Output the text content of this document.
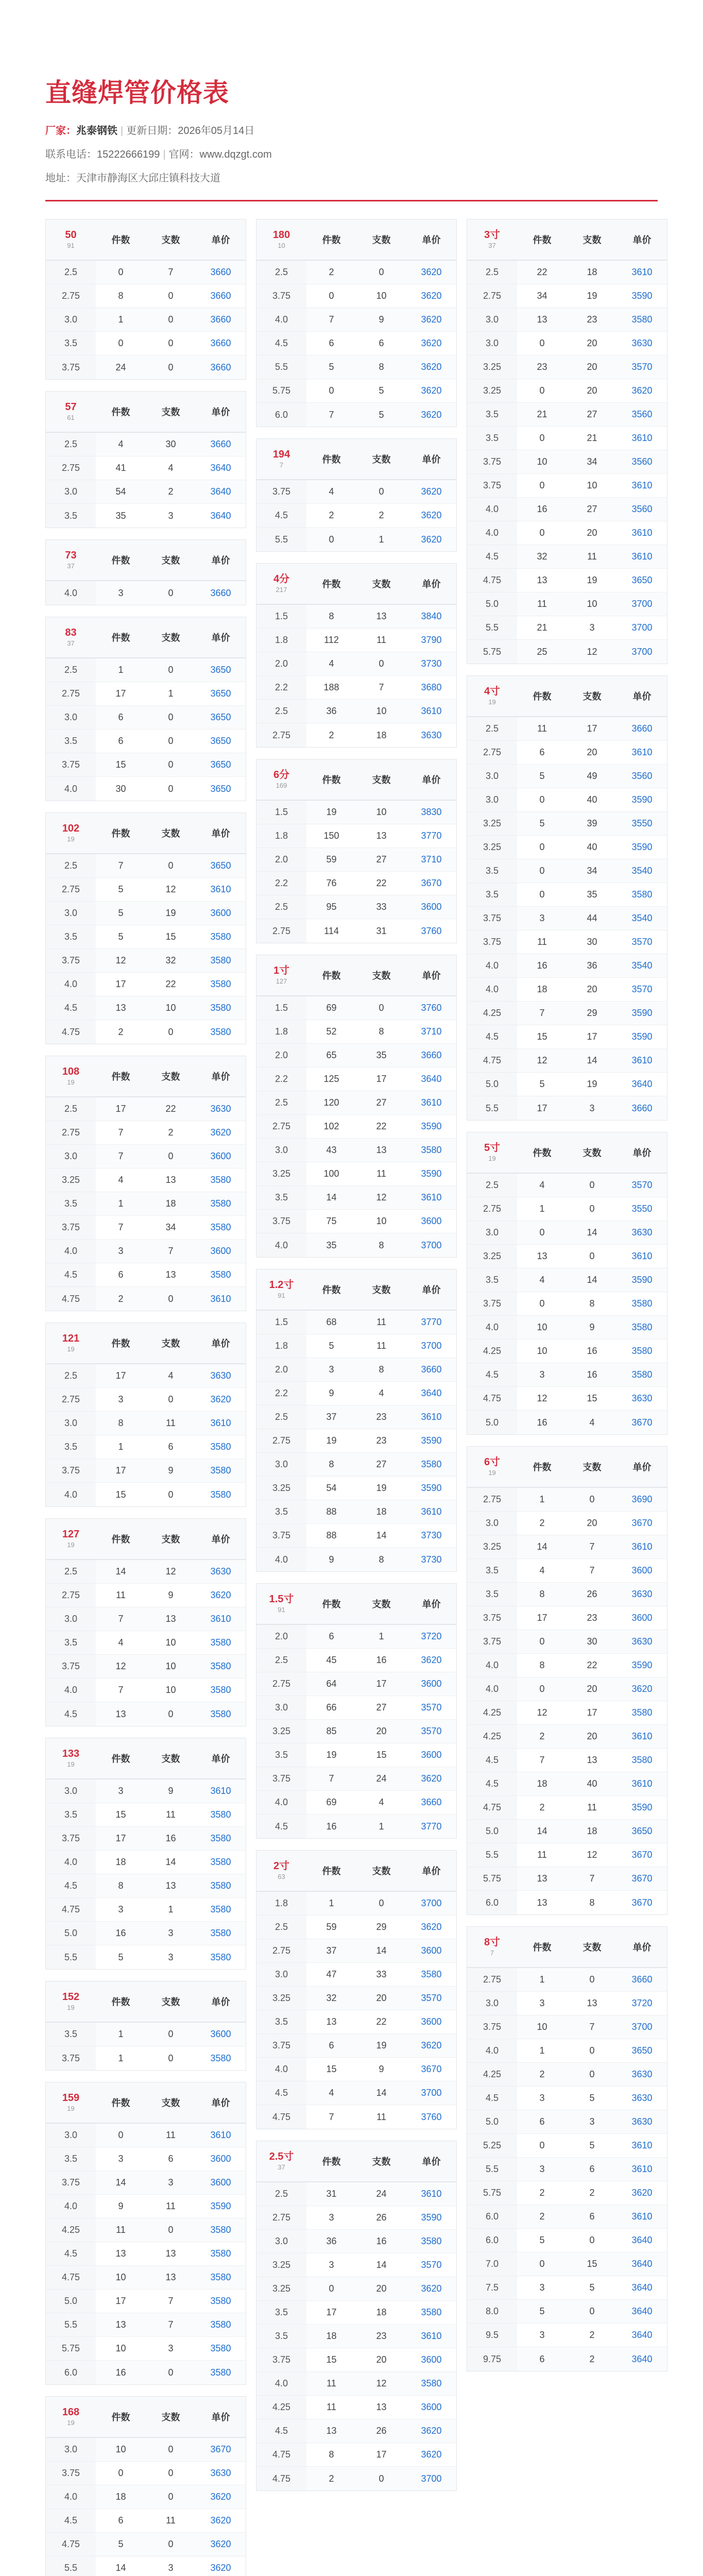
直缝焊管价格表
厂家：兆泰钢铁 | 更新日期：2026年05月14日
联系电话：15222666199 | 官网：www.dqzgt.com
地址：天津市静海区大邱庄镇科技大道
50
91
件数	支数	单价
2.5	0	7	3660
2.75	8	0	3660
3.0	1	0	3660
3.5	0	0	3660
3.75	24	0	3660
57
61
件数	支数	单价
2.5	4	30	3660
2.75	41	4	3640
3.0	54	2	3640
3.5	35	3	3640
73
37
件数	支数	单价
4.0	3	0	3660
83
37
件数	支数	单价
2.5	1	0	3650
2.75	17	1	3650
3.0	6	0	3650
3.5	6	0	3650
3.75	15	0	3650
4.0	30	0	3650
102
19
件数	支数	单价
2.5	7	0	3650
2.75	5	12	3610
3.0	5	19	3600
3.5	5	15	3580
3.75	12	32	3580
4.0	17	22	3580
4.5	13	10	3580
4.75	2	0	3580
108
19
件数	支数	单价
2.5	17	22	3630
2.75	7	2	3620
3.0	7	0	3600
3.25	4	13	3580
3.5	1	18	3580
3.75	7	34	3580
4.0	3	7	3600
4.5	6	13	3580
4.75	2	0	3610
121
19
件数	支数	单价
2.5	17	4	3630
2.75	3	0	3620
3.0	8	11	3610
3.5	1	6	3580
3.75	17	9	3580
4.0	15	0	3580
127
19
件数	支数	单价
2.5	14	12	3630
2.75	11	9	3620
3.0	7	13	3610
3.5	4	10	3580
3.75	12	10	3580
4.0	7	10	3580
4.5	13	0	3580
133
19
件数	支数	单价
3.0	3	9	3610
3.5	15	11	3580
3.75	17	16	3580
4.0	18	14	3580
4.5	8	13	3580
4.75	3	1	3580
5.0	16	3	3580
5.5	5	3	3580
152
19
件数	支数	单价
3.5	1	0	3600
3.75	1	0	3580
159
19
件数	支数	单价
3.0	0	11	3610
3.5	3	6	3600
3.75	14	3	3600
4.0	9	11	3590
4.25	11	0	3580
4.5	13	13	3580
4.75	10	13	3580
5.0	17	7	3580
5.5	13	7	3580
5.75	10	3	3580
6.0	16	0	3580
168
19
件数	支数	单价
3.0	10	0	3670
3.75	0	0	3630
4.0	18	0	3620
4.5	6	11	3620
4.75	5	0	3620
5.5	14	3	3620
180
10
件数	支数	单价
2.5	2	0	3620
3.75	0	10	3620
4.0	7	9	3620
4.5	6	6	3620
5.5	5	8	3620
5.75	0	5	3620
6.0	7	5	3620
194
7
件数	支数	单价
3.75	4	0	3620
4.5	2	2	3620
5.5	0	1	3620
4分
217
件数	支数	单价
1.5	8	13	3840
1.8	112	11	3790
2.0	4	0	3730
2.2	188	7	3680
2.5	36	10	3610
2.75	2	18	3630
6分
169
件数	支数	单价
1.5	19	10	3830
1.8	150	13	3770
2.0	59	27	3710
2.2	76	22	3670
2.5	95	33	3600
2.75	114	31	3760
1寸
127
件数	支数	单价
1.5	69	0	3760
1.8	52	8	3710
2.0	65	35	3660
2.2	125	17	3640
2.5	120	27	3610
2.75	102	22	3590
3.0	43	13	3580
3.25	100	11	3590
3.5	14	12	3610
3.75	75	10	3600
4.0	35	8	3700
1.2寸
91
件数	支数	单价
1.5	68	11	3770
1.8	5	11	3700
2.0	3	8	3660
2.2	9	4	3640
2.5	37	23	3610
2.75	19	23	3590
3.0	8	27	3580
3.25	54	19	3590
3.5	88	18	3610
3.75	88	14	3730
4.0	9	8	3730
1.5寸
91
件数	支数	单价
2.0	6	1	3720
2.5	45	16	3620
2.75	64	17	3600
3.0	66	27	3570
3.25	85	20	3570
3.5	19	15	3600
3.75	7	24	3620
4.0	69	4	3660
4.5	16	1	3770
2寸
63
件数	支数	单价
1.8	1	0	3700
2.5	59	29	3620
2.75	37	14	3600
3.0	47	33	3580
3.25	32	20	3570
3.5	13	22	3600
3.75	6	19	3620
4.0	15	9	3670
4.5	4	14	3700
4.75	7	11	3760
2.5寸
37
件数	支数	单价
2.5	31	24	3610
2.75	3	26	3590
3.0	36	16	3580
3.25	3	14	3570
3.25	0	20	3620
3.5	17	18	3580
3.5	18	23	3610
3.75	15	20	3600
4.0	11	12	3580
4.25	11	13	3600
4.5	13	26	3620
4.75	8	17	3620
4.75	2	0	3700
3寸
37
件数	支数	单价
2.5	22	18	3610
2.75	34	19	3590
3.0	13	23	3580
3.0	0	20	3630
3.25	23	20	3570
3.25	0	20	3620
3.5	21	27	3560
3.5	0	21	3610
3.75	10	34	3560
3.75	0	10	3610
4.0	16	27	3560
4.0	0	20	3610
4.5	32	11	3610
4.75	13	19	3650
5.0	11	10	3700
5.5	21	3	3700
5.75	25	12	3700
4寸
19
件数	支数	单价
2.5	11	17	3660
2.75	6	20	3610
3.0	5	49	3560
3.0	0	40	3590
3.25	5	39	3550
3.25	0	40	3590
3.5	0	34	3540
3.5	0	35	3580
3.75	3	44	3540
3.75	11	30	3570
4.0	16	36	3540
4.0	18	20	3570
4.25	7	29	3590
4.5	15	17	3590
4.75	12	14	3610
5.0	5	19	3640
5.5	17	3	3660
5寸
19
件数	支数	单价
2.5	4	0	3570
2.75	1	0	3550
3.0	0	14	3630
3.25	13	0	3610
3.5	4	14	3590
3.75	0	8	3580
4.0	10	9	3580
4.25	10	16	3580
4.5	3	16	3580
4.75	12	15	3630
5.0	16	4	3670
6寸
19
件数	支数	单价
2.75	1	0	3690
3.0	2	20	3670
3.25	14	7	3610
3.5	4	7	3600
3.5	8	26	3630
3.75	17	23	3600
3.75	0	30	3630
4.0	8	22	3590
4.0	0	20	3620
4.25	12	17	3580
4.25	2	20	3610
4.5	7	13	3580
4.5	18	40	3610
4.75	2	11	3590
5.0	14	18	3650
5.5	11	12	3670
5.75	13	7	3670
6.0	13	8	3670
8寸
7
件数	支数	单价
2.75	1	0	3660
3.0	3	13	3720
3.75	10	7	3700
4.0	1	0	3650
4.25	2	0	3630
4.5	3	5	3630
5.0	6	3	3630
5.25	0	5	3610
5.5	3	6	3610
5.75	2	2	3620
6.0	2	6	3610
6.0	5	0	3640
7.0	0	15	3640
7.5	3	5	3640
8.0	5	0	3640
9.5	3	2	3640
9.75	6	2	3640
